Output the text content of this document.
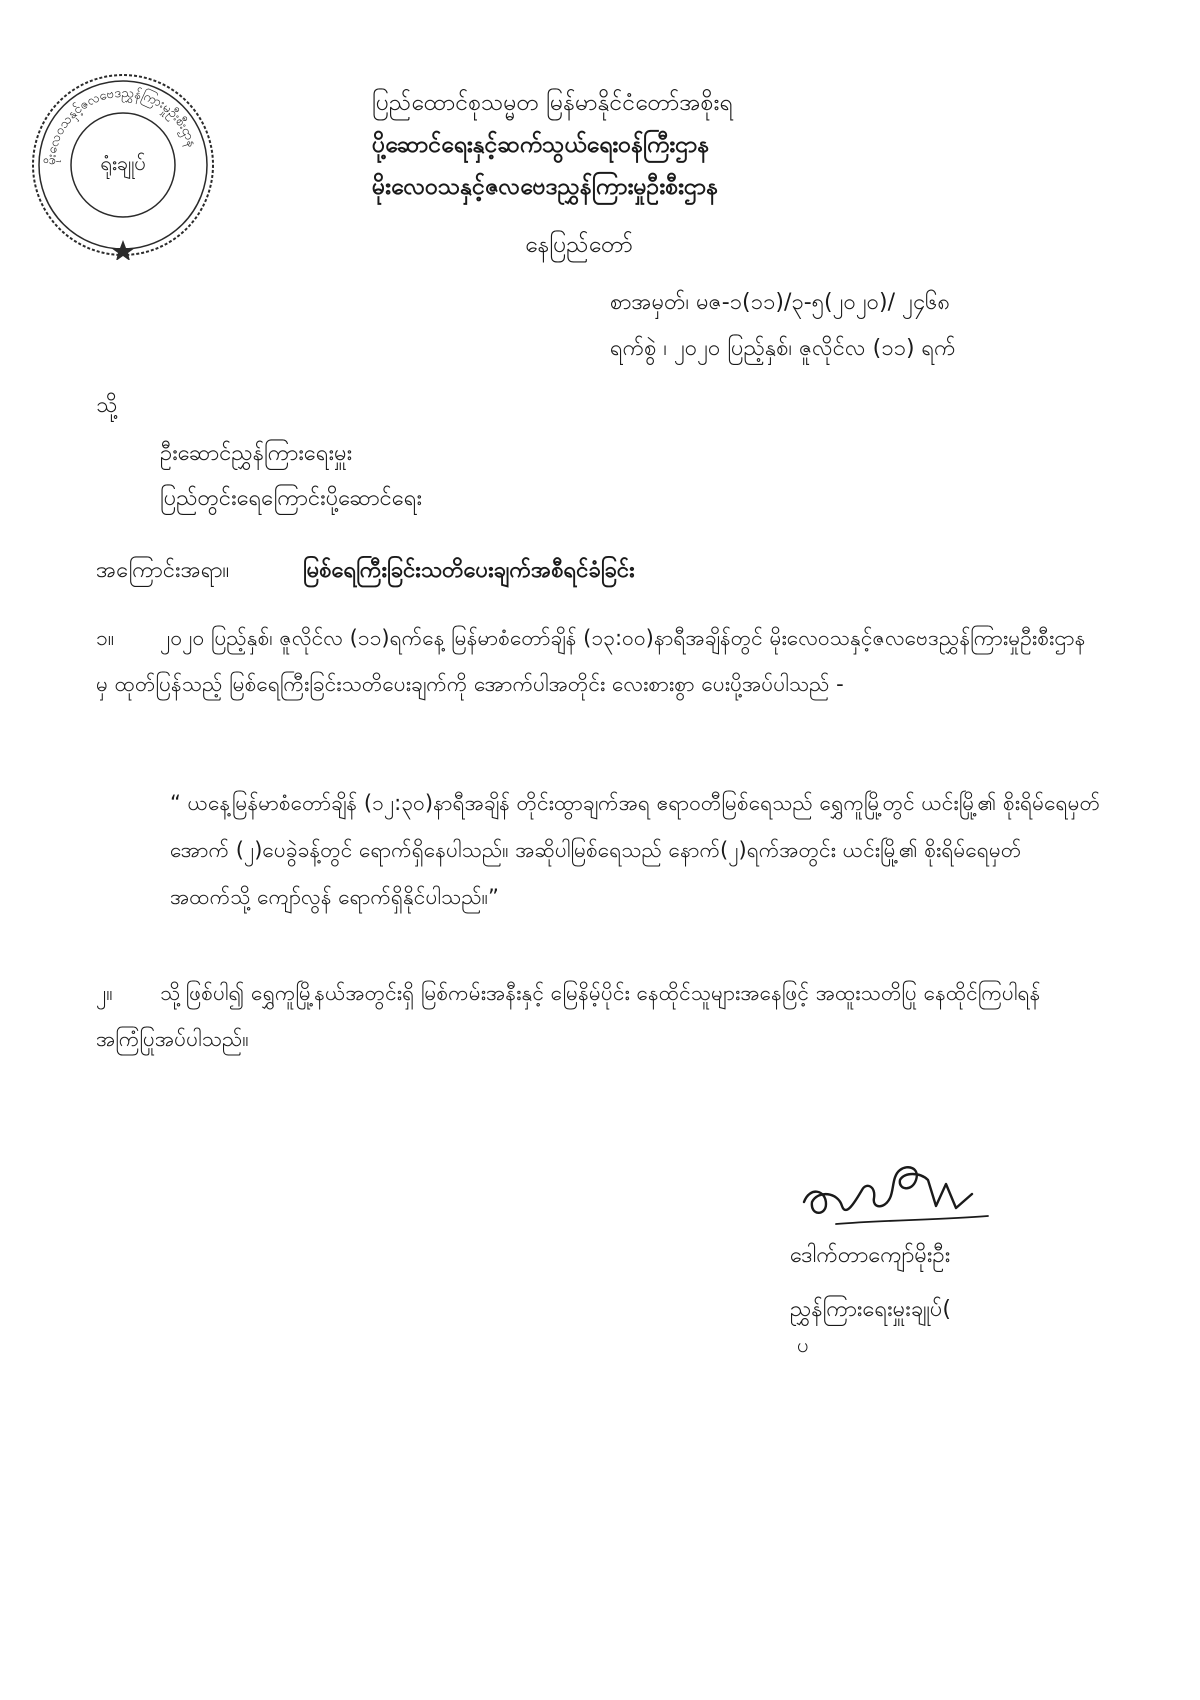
မိုးလေဝသနှင့်ဇလဗေဒညွှန်ကြားမှုဦးစီးဌာန
ရုံးချုပ်
ပြည်ထောင်စုသမ္မတ မြန်မာနိုင်ငံတော်အစိုးရ
ပို့ဆောင်ရေးနှင့်ဆက်သွယ်ရေးဝန်ကြီးဌာန
မိုးလေဝသနှင့်ဇလဗေဒညွှန်ကြားမှုဦးစီးဌာန
နေပြည်တော်
စာအမှတ်၊ မဇ-၁(၁၁)/၃-၅(၂၀၂၀)/ ၂၄၆၈
ရက်စွဲ ၊ ၂၀၂၀ ပြည့်နှစ်၊ ဇူလိုင်လ (၁၁) ရက်
သို့
ဦးဆောင်ညွှန်ကြားရေးမှူး
ပြည်တွင်းရေကြောင်းပို့ဆောင်ရေး
အကြောင်းအရာ။	မြစ်ရေကြီးခြင်းသတိပေးချက်အစီရင်ခံခြင်း
၁။ ၂၀၂၀ ပြည့်နှစ်၊ ဇူလိုင်လ (၁၁)ရက်နေ့ မြန်မာစံတော်ချိန် (၁၃:၀၀)နာရီအချိန်တွင် မိုးလေဝသနှင့်ဇလဗေဒညွှန်ကြားမှုဦးစီးဌာနမှ ထုတ်ပြန်သည့် မြစ်ရေကြီးခြင်းသတိပေးချက်ကို အောက်ပါအတိုင်း လေးစားစွာ ပေးပို့အပ်ပါသည် -
“ ယနေ့မြန်မာစံတော်ချိန် (၁၂:၃၀)နာရီအချိန် တိုင်းထွာချက်အရ ဧရာဝတီမြစ်ရေသည် ရွှေကူမြို့တွင် ယင်းမြို့၏ စိုးရိမ်ရေမှတ်အောက် (၂)ပေခွဲခန့်တွင် ရောက်ရှိနေပါသည်။ အဆိုပါမြစ်ရေသည် နောက်(၂)ရက်အတွင်း ယင်းမြို့၏ စိုးရိမ်ရေမှတ်အထက်သို့ ကျော်လွန် ရောက်ရှိနိုင်ပါသည်။”
၂။ သို့ဖြစ်ပါ၍ ရွှေကူမြို့နယ်အတွင်းရှိ မြစ်ကမ်းအနီးနှင့် မြေနိမ့်ပိုင်း နေထိုင်သူများအနေဖြင့် အထူးသတိပြု နေထိုင်ကြပါရန် အကြံပြုအပ်ပါသည်။
ဒေါက်တာကျော်မိုးဦး
ညွှန်ကြားရေးမှူးချုပ်(
ပ
